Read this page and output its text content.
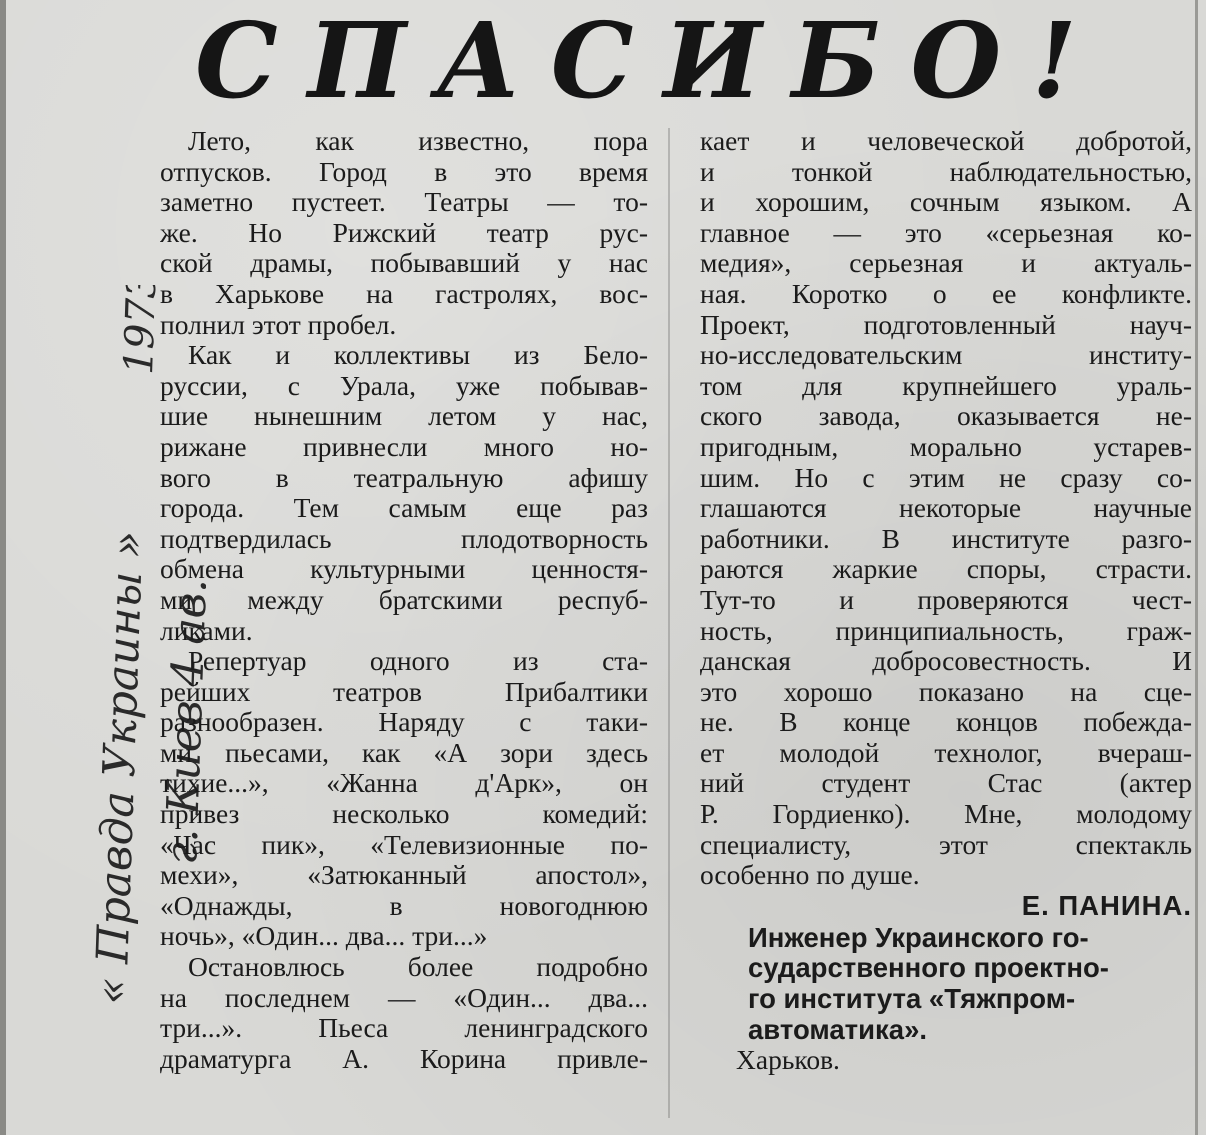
СПАСИБО!
« Правда Украины » г. Киев 4 ав.
1973
Лето, как известно, пора
отпусков. Город в это время
заметно пустеет. Театры — то-
же. Но Рижский театр рус-
ской драмы, побывавший у нас
в Харькове на гастролях, вос-
полнил этот пробел.
Как и коллективы из Бело-
руссии, с Урала, уже побывав-
шие нынешним летом у нас,
рижане привнесли много но-
вого в театральную афишу
города. Тем самым еще раз
подтвердилась плодотворность
обмена культурными ценностя-
ми между братскими респуб-
ликами.
Репертуар одного из ста-
рейших театров Прибалтики
разнообразен. Наряду с таки-
ми пьесами, как «А зори здесь
тихие...», «Жанна д'Арк», он
привез несколько комедий:
«Час пик», «Телевизионные по-
мехи», «Затюканный апостол»,
«Однажды, в новогоднюю
ночь», «Один... два... три...»
Остановлюсь более подробно
на последнем — «Один... два...
три...». Пьеса ленинградского
драматурга А. Корина привле-
кает и человеческой добротой,
и тонкой наблюдательностью,
и хорошим, сочным языком. А
главное — это «серьезная ко-
медия», серьезная и актуаль-
ная. Коротко о ее конфликте.
Проект, подготовленный науч-
но-исследовательским институ-
том для крупнейшего ураль-
ского завода, оказывается не-
пригодным, морально устарев-
шим. Но с этим не сразу со-
глашаются некоторые научные
работники. В институте разго-
раются жаркие споры, страсти.
Тут-то и проверяются чест-
ность, принципиальность, граж-
данская добросовестность. И
это хорошо показано на сце-
не. В конце концов побежда-
ет молодой технолог, вчераш-
ний студент Стас (актер
Р. Гордиенко). Мне, молодому
специалисту, этот спектакль
особенно по душе.
Е. ПАНИНА.
Инженер Украинского го-
сударственного проектно-
го института «Тяжпром-
автоматика».
Харьков.
